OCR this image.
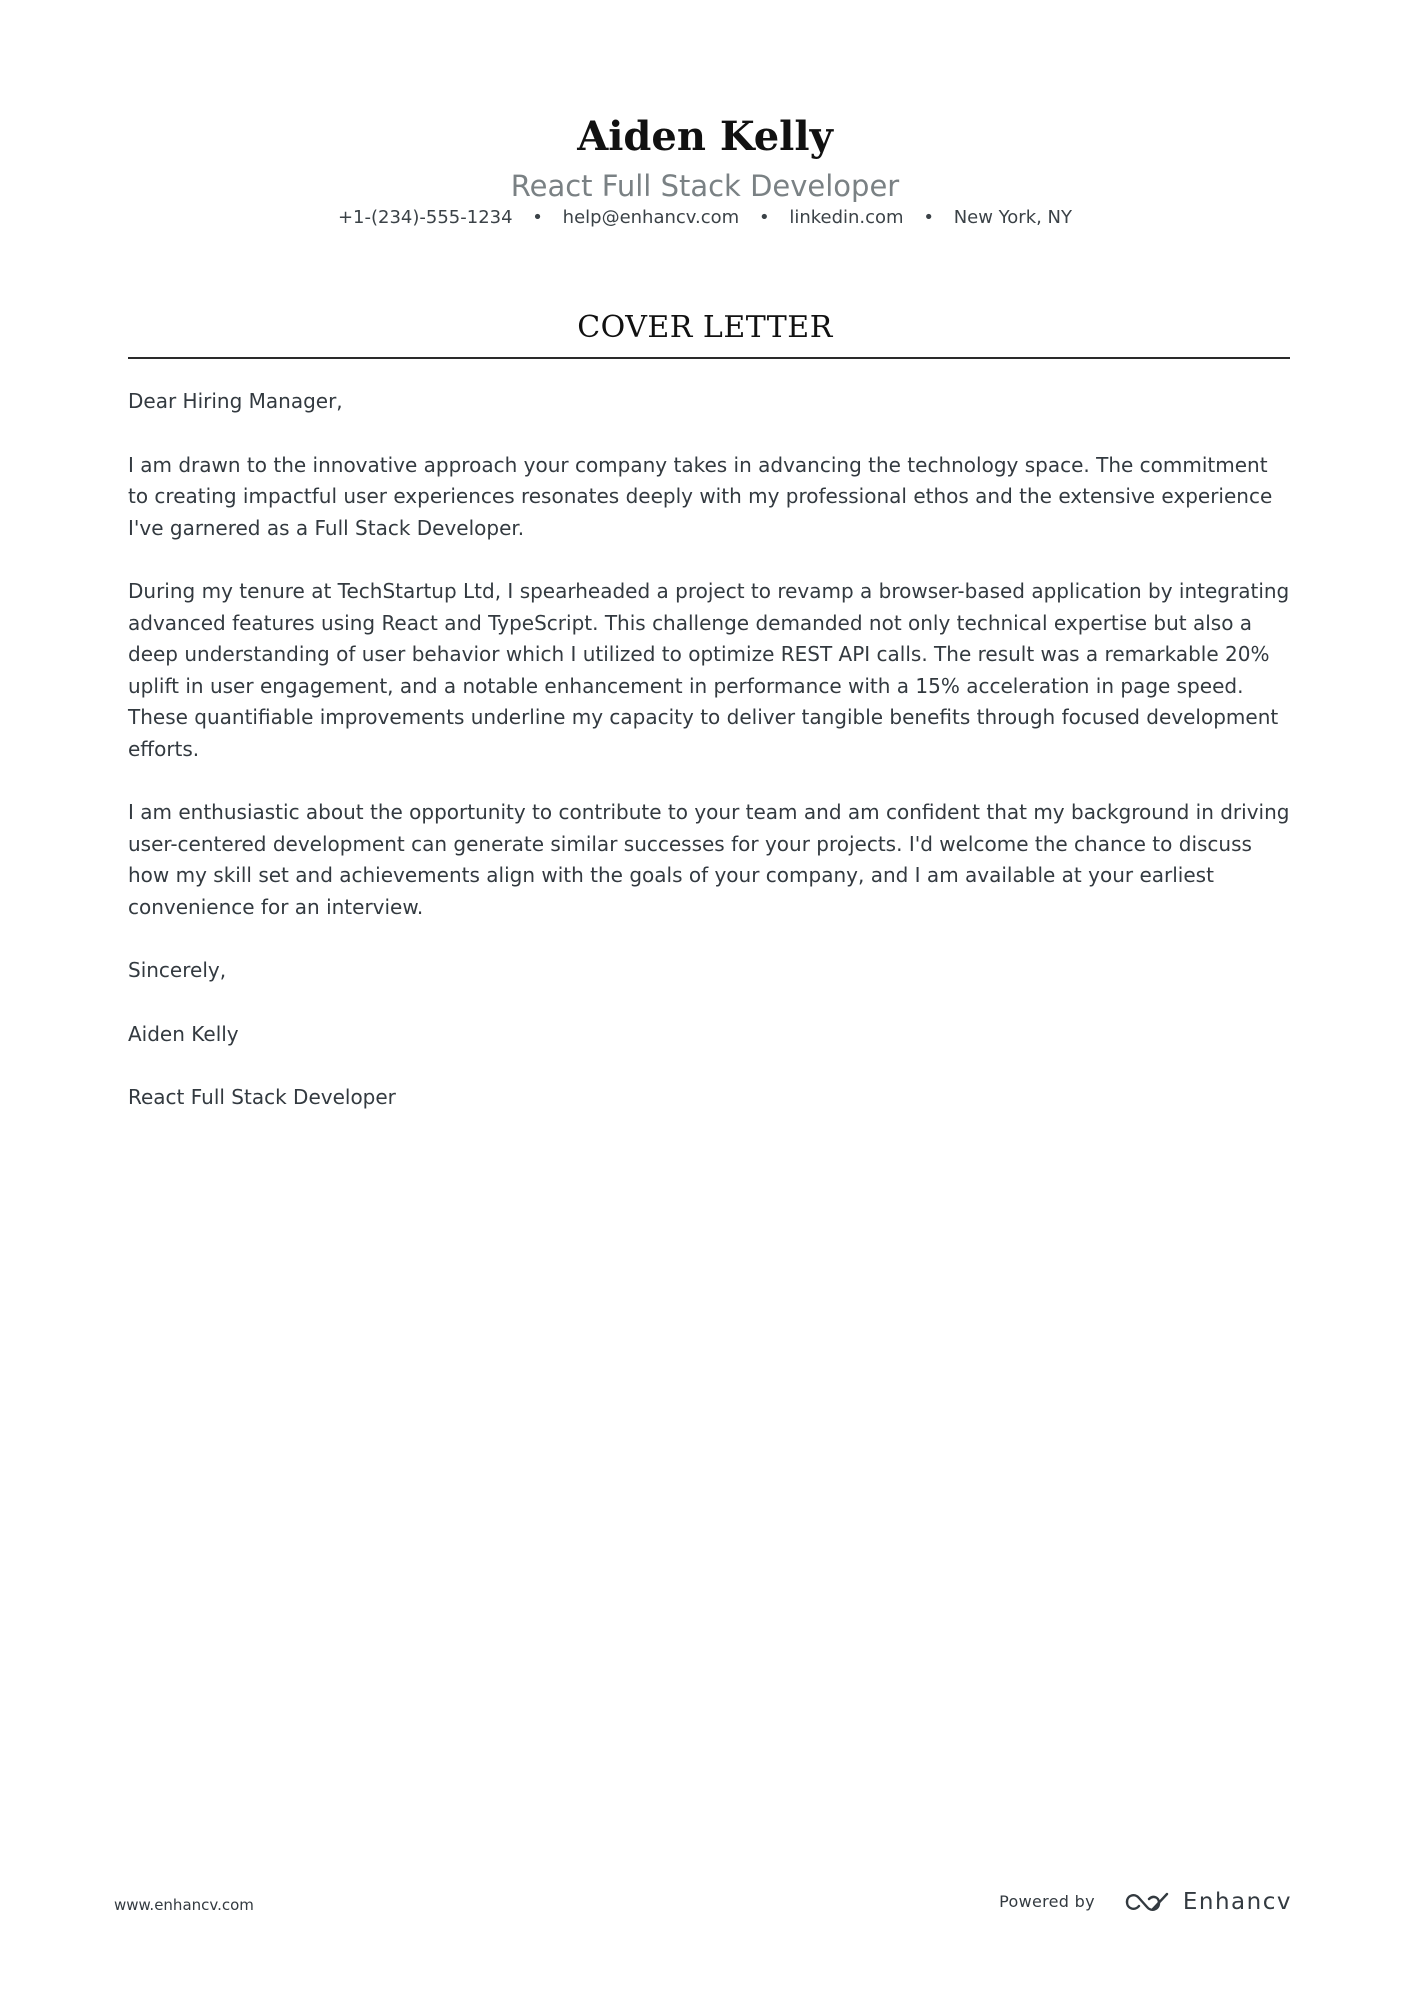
Aiden Kelly
React Full Stack Developer
+1-(234)-555-1234 • help@enhancv.com • linkedin.com • New York, NY
COVER LETTER

Dear Hiring Manager,

I am drawn to the innovative approach your company takes in advancing the technology space. The commitment to creating impactful user experiences resonates deeply with my professional ethos and the extensive experience I've garnered as a Full Stack Developer.

During my tenure at TechStartup Ltd, I spearheaded a project to revamp a browser-based application by integrating advanced features using React and TypeScript. This challenge demanded not only technical expertise but also a deep understanding of user behavior which I utilized to optimize REST API calls. The result was a remarkable 20% uplift in user engagement, and a notable enhancement in performance with a 15% acceleration in page speed. These quantifiable improvements underline my capacity to deliver tangible benefits through focused development efforts.

I am enthusiastic about the opportunity to contribute to your team and am confident that my background in driving user-centered development can generate similar successes for your projects. I'd welcome the chance to discuss how my skill set and achievements align with the goals of your company, and I am available at your earliest convenience for an interview.

Sincerely,

Aiden Kelly

React Full Stack Developer

www.enhancv.com	Powered by	Enhancv
